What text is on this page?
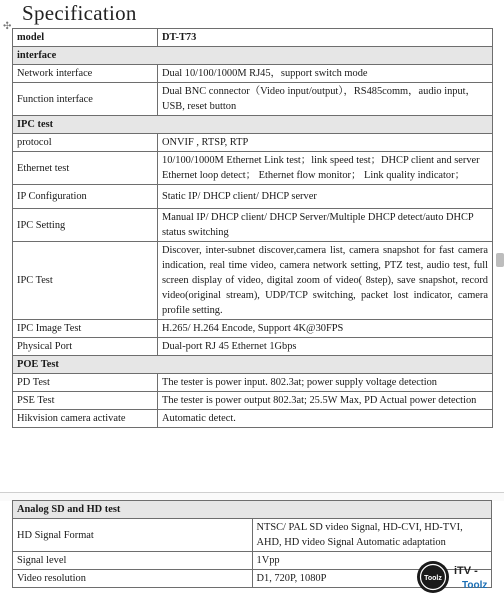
Specification
✣
model	DT-T73
interface	
Network interface	Dual 10/100/1000M RJ45，support switch mode
Function interface	Dual BNC connector（Video input/output），RS485comm，audio input，USB, reset button
IPC test	
protocol	ONVIF , RTSP, RTP
Ethernet test	10/100/1000M Ethernet Link test；link speed test；DHCP client and server Ethernet loop detect； Ethernet flow monitor； Link quality indicator；
IP Configuration	Static IP/ DHCP client/ DHCP server
IPC Setting	Manual IP/ DHCP client/ DHCP Server/Multiple DHCP detect/auto DHCP status switching
IPC Test	Discover, inter-subnet discover,camera list, camera snapshot for fast camera indication, real time video, camera network setting, PTZ test, audio test, full screen display of video, digital zoom of video( 8step), save snapshot, record video(original stream), UDP/TCP switching, packet lost indicator, camera profile setting.
IPC Image Test	H.265/ H.264 Encode, Support 4K@30FPS
Physical Port	Dual-port RJ 45 Ethernet 1Gbps
POE Test	
PD Test	The tester is power input. 802.3at; power supply voltage detection
PSE Test	The tester is power output 802.3at; 25.5W Max, PD Actual power detection
Hikvision camera activate	Automatic detect.
Analog SD and HD test	
HD Signal Format	NTSC/ PAL SD video Signal, HD-CVI, HD-TVI, AHD, HD video Signal Automatic adaptation
Signal level	1Vpp
Video resolution	D1, 720P, 1080P	Toolz
iTV -
Toolz
